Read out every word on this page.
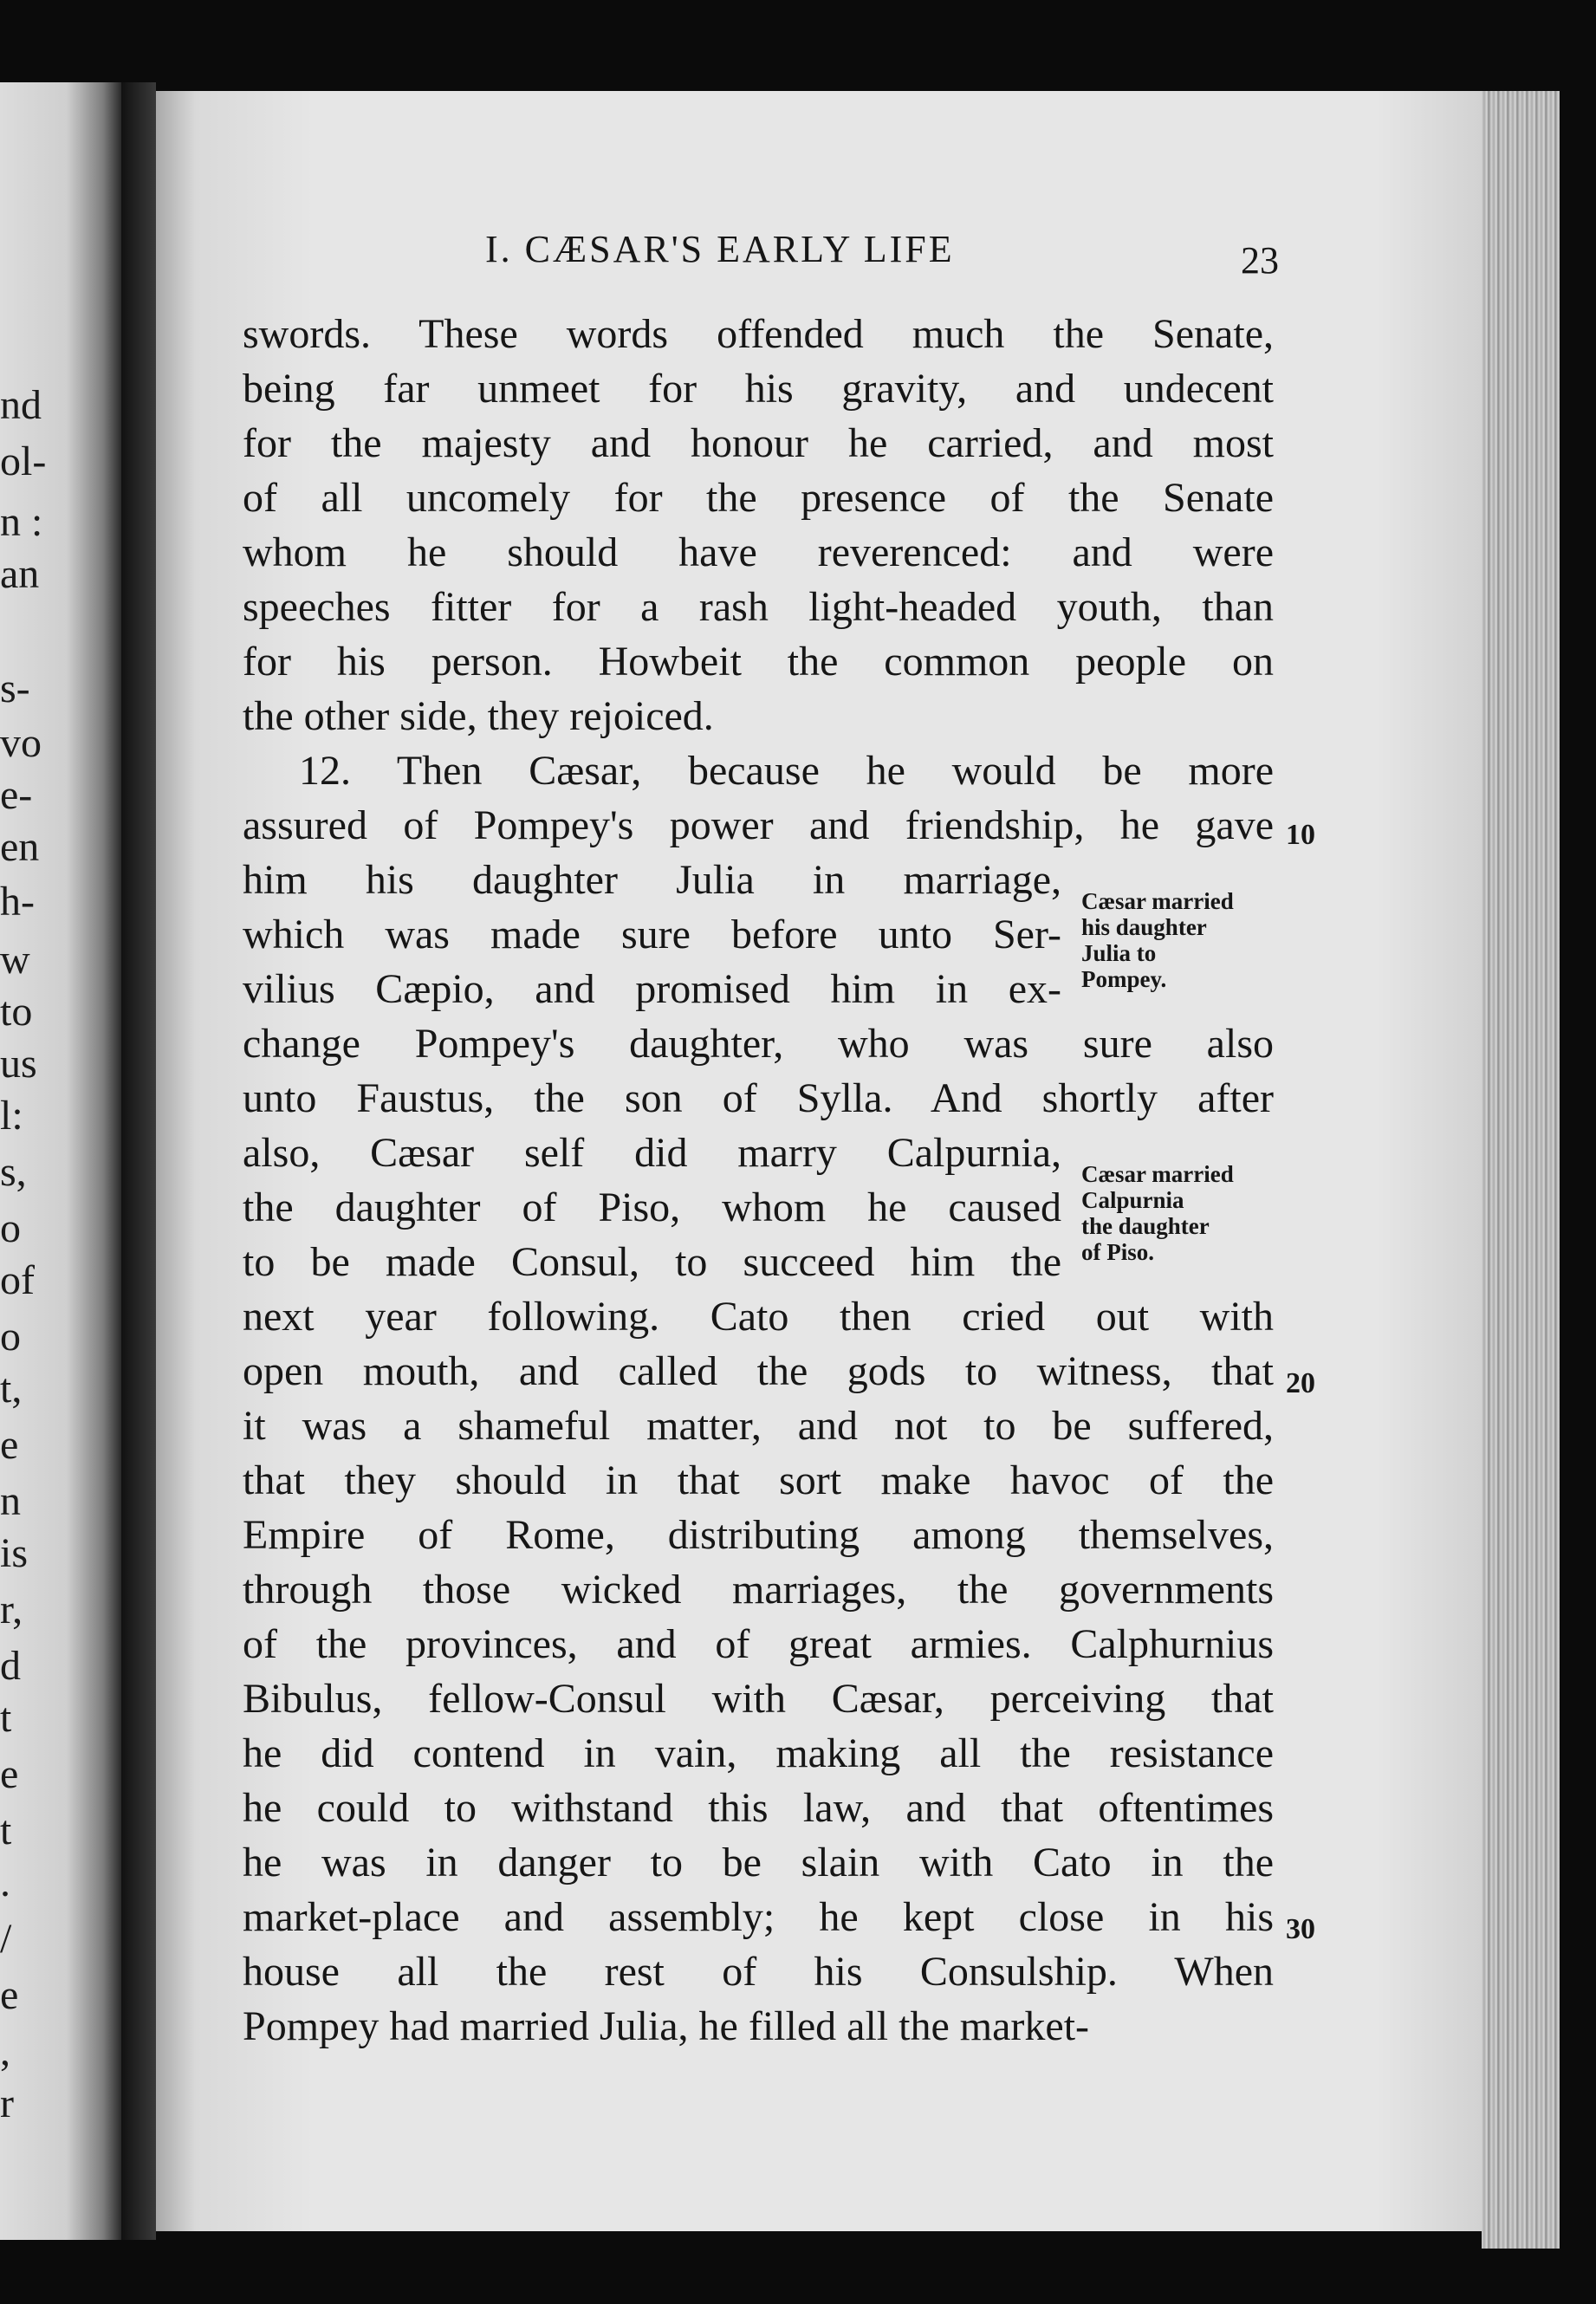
nd
ol-
n :
an
s-
vo
e-
en
h-
w
to
us
l:
s,
o
of
o
t,
e
n
is
r,
d
t
e
t
.
/
e
,
r
I. CÆSAR'S EARLY LIFE	23
swords. These words offended much the Senate,
being far unmeet for his gravity, and undecent
for the majesty and honour he carried, and most
of all uncomely for the presence of the Senate
whom he should have reverenced: and were
speeches fitter for a rash light-headed youth, than
for his person. Howbeit the common people on
the other side, they rejoiced.
12. Then Cæsar, because he would be more
assured of Pompey's power and friendship, he gave
him his daughter Julia in marriage,
which was made sure before unto Ser-
vilius Cæpio, and promised him in ex-
change Pompey's daughter, who was sure also
unto Faustus, the son of Sylla. And shortly after
also, Cæsar self did marry Calpurnia,
the daughter of Piso, whom he caused
to be made Consul, to succeed him the
next year following. Cato then cried out with
open mouth, and called the gods to witness, that
it was a shameful matter, and not to be suffered,
that they should in that sort make havoc of the
Empire of Rome, distributing among themselves,
through those wicked marriages, the governments
of the provinces, and of great armies. Calphurnius
Bibulus, fellow-Consul with Cæsar, perceiving that
he did contend in vain, making all the resistance
he could to withstand this law, and that oftentimes
he was in danger to be slain with Cato in the
market-place and assembly; he kept close in his
house all the rest of his Consulship. When
Pompey had married Julia, he filled all the market-
Cæsar married
his daughter
Julia to
Pompey.
Cæsar married
Calpurnia
the daughter
of Piso.
10
20
30
